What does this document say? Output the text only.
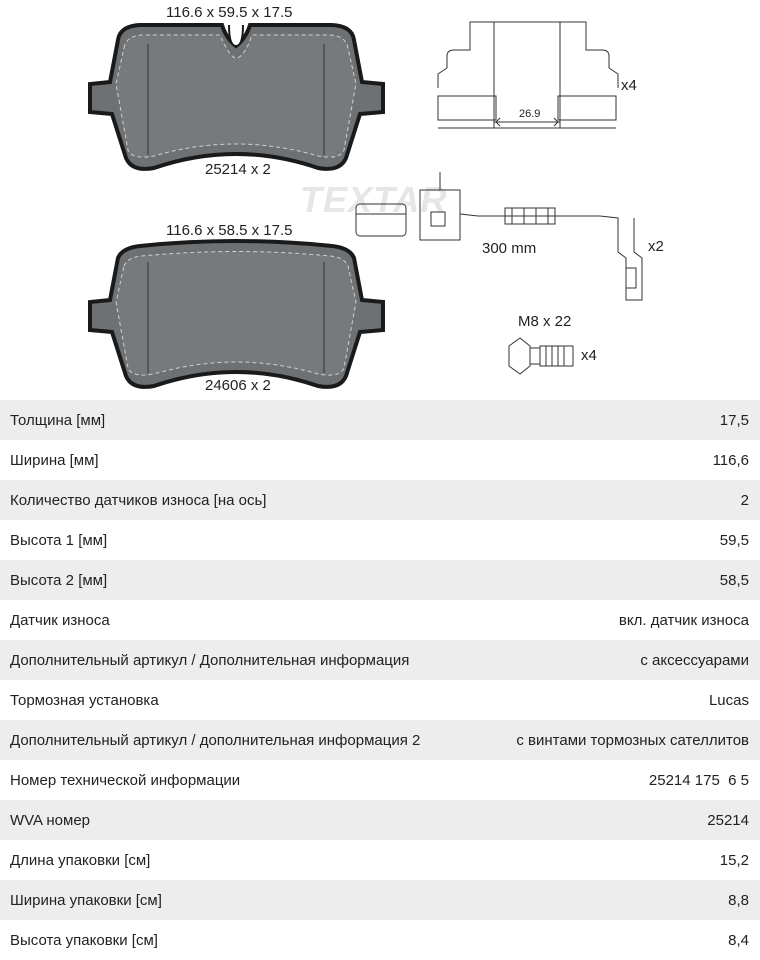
TEXTAR
116.6 x 59.5 x 17.5
25214 x 2
116.6 x 58.5 x 17.5
24606 x 2
26.9
x4
300 mm	x2
M8 x 22
x4
Толщина [мм]	17,5
Ширина [мм]	116,6
Количество датчиков износа [на ось]	2
Высота 1 [мм]	59,5
Высота 2 [мм]	58,5
Датчик износа	вкл. датчик износа
Дополнительный артикул / Дополнительная информация	с аксессуарами
Тормозная установка	Lucas
Дополнительный артикул / дополнительная информация 2	с винтами тормозных сателлитов
Номер технической информации	25214 175  6 5
WVA номер	25214
Длина упаковки [см]	15,2
Ширина упаковки [см]	8,8
Высота упаковки [см]	8,4
